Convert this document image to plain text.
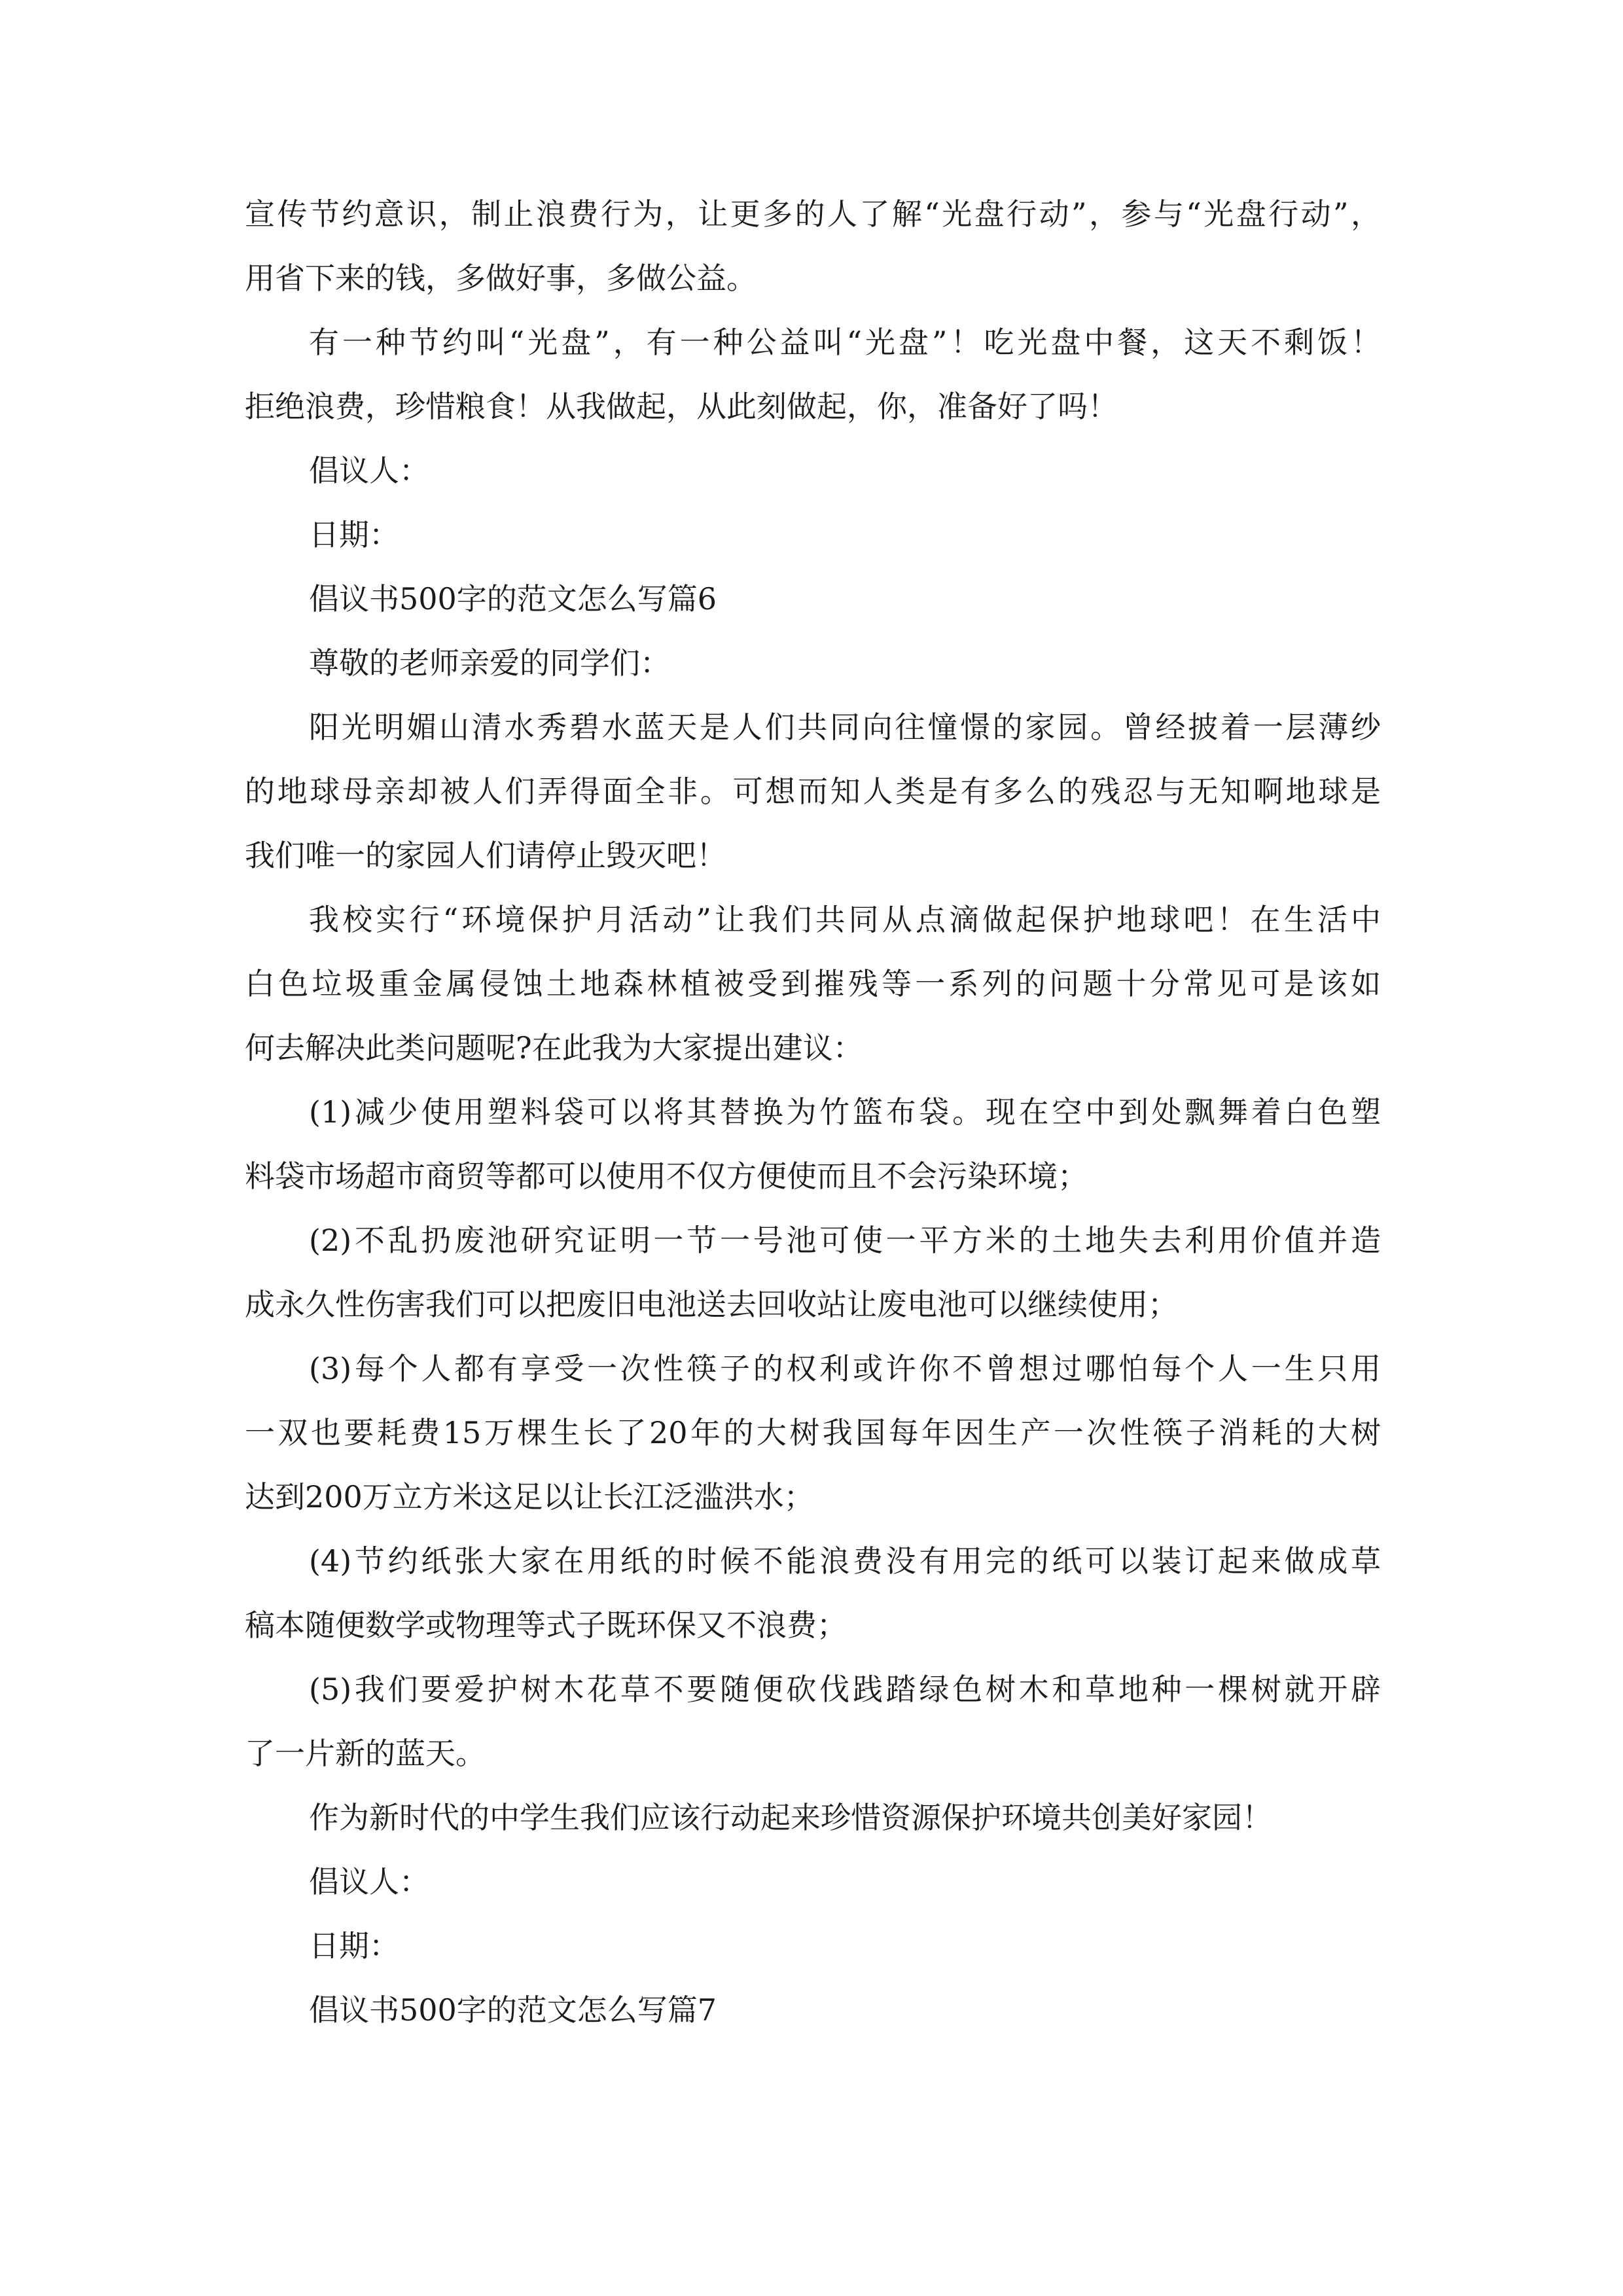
宣传节约意识，制止浪费行为，让更多的人了解“光盘行动”，参与“光盘行动”，
用省下来的钱，多做好事，多做公益。
有一种节约叫“光盘”，有一种公益叫“光盘”！吃光盘中餐，这天不剩饭！
拒绝浪费，珍惜粮食！从我做起，从此刻做起，你，准备好了吗！
倡议人：
日期：
倡议书500字的范文怎么写篇6
尊敬的老师亲爱的同学们：
阳光明媚山清水秀碧水蓝天是人们共同向往憧憬的家园。曾经披着一层薄纱
的地球母亲却被人们弄得面全非。可想而知人类是有多么的残忍与无知啊地球是
我们唯一的家园人们请停止毁灭吧！
我校实行“环境保护月活动”让我们共同从点滴做起保护地球吧！在生活中
白色垃圾重金属侵蚀土地森林植被受到摧残等一系列的问题十分常见可是该如
何去解决此类问题呢?在此我为大家提出建议：
(1)减少使用塑料袋可以将其替换为竹篮布袋。现在空中到处飘舞着白色塑
料袋市场超市商贸等都可以使用不仅方便使而且不会污染环境；
(2)不乱扔废池研究证明一节一号池可使一平方米的土地失去利用价值并造
成永久性伤害我们可以把废旧电池送去回收站让废电池可以继续使用；
(3)每个人都有享受一次性筷子的权利或许你不曾想过哪怕每个人一生只用
一双也要耗费15万棵生长了20年的大树我国每年因生产一次性筷子消耗的大树
达到200万立方米这足以让长江泛滥洪水；
(4)节约纸张大家在用纸的时候不能浪费没有用完的纸可以装订起来做成草
稿本随便数学或物理等式子既环保又不浪费；
(5)我们要爱护树木花草不要随便砍伐践踏绿色树木和草地种一棵树就开辟
了一片新的蓝天。
作为新时代的中学生我们应该行动起来珍惜资源保护环境共创美好家园！
倡议人：
日期：
倡议书500字的范文怎么写篇7
